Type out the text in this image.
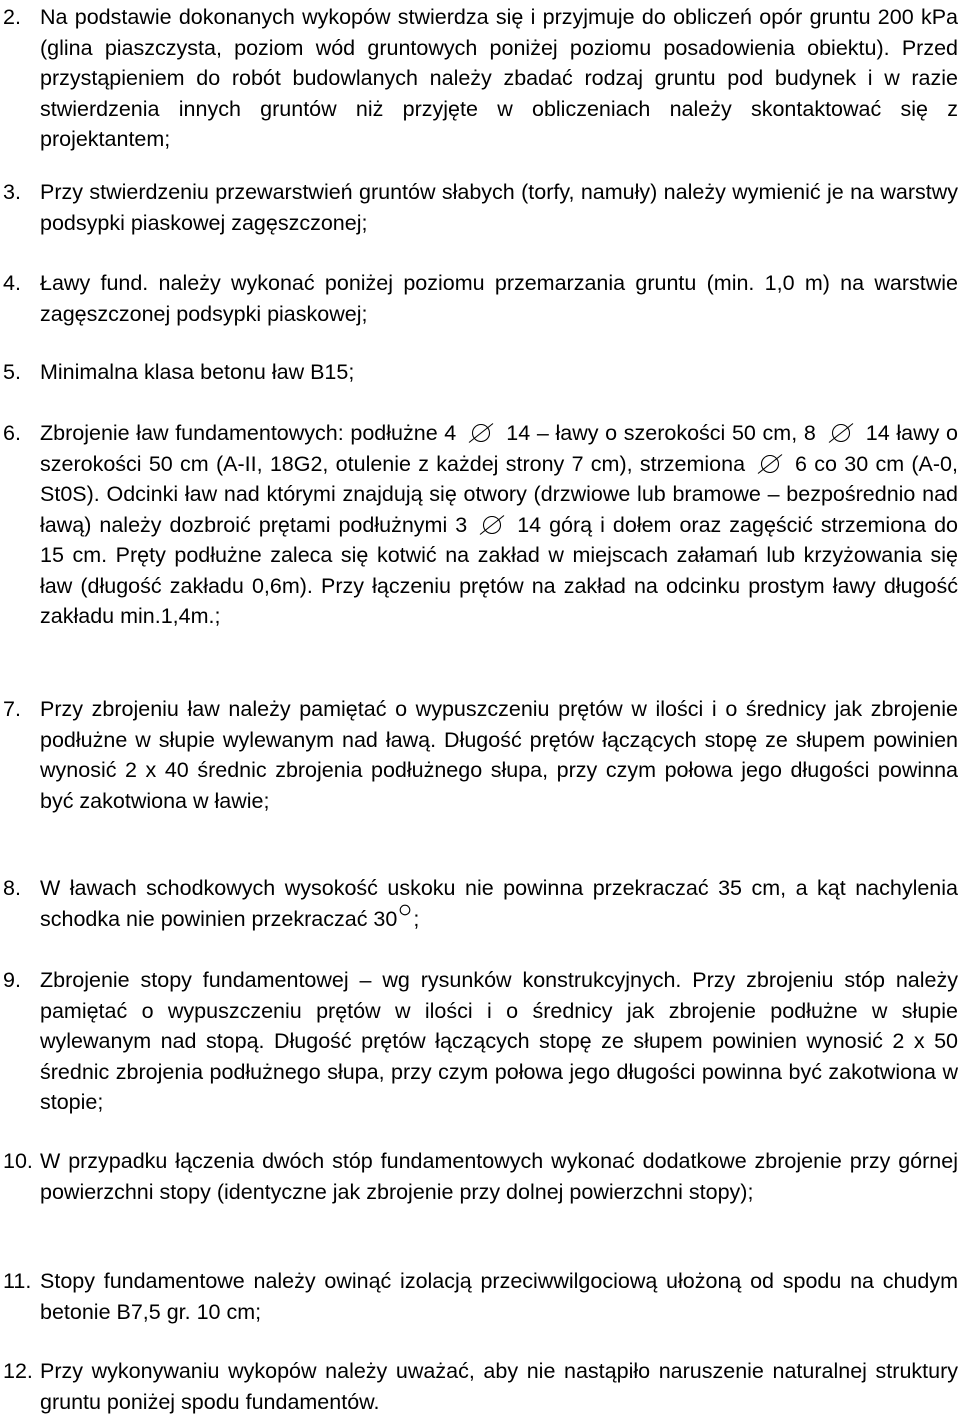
2. Na podstawie dokonanych wykopów stwierdza się i przyjmuje do obliczeń opór gruntu 200 kPa (glina piaszczysta, poziom wód gruntowych poniżej poziomu posadowienia obiektu). Przed przystąpieniem do robót budowlanych należy zbadać rodzaj gruntu pod budynek i w razie stwierdzenia innych gruntów niż przyjęte w obliczeniach należy skontaktować się z projektantem;
3. Przy stwierdzeniu przewarstwień gruntów słabych (torfy, namuły) należy wymienić je na warstwy podsypki piaskowej zagęszczonej;
4. Ławy fund. należy wykonać poniżej poziomu przemarzania gruntu (min. 1,0 m) na warstwie zagęszczonej podsypki piaskowej;
5. Minimalna klasa betonu ław B15;
6. Zbrojenie ław fundamentowych: podłużne 4 14 – ławy o szerokości 50 cm, 8 14 ławy o szerokości 50 cm (A-II, 18G2, otulenie z każdej strony 7 cm), strzemiona 6 co 30 cm (A-0, St0S). Odcinki ław nad którymi znajdują się otwory (drzwiowe lub bramowe – bezpośrednio nad ławą) należy dozbroić prętami podłużnymi 3 14 górą i dołem oraz zagęścić strzemiona do 15 cm. Pręty podłużne zaleca się kotwić na zakład w miejscach załamań lub krzyżowania się ław (długość zakładu 0,6m). Przy łączeniu prętów na zakład na odcinku prostym ławy długość zakładu min.1,4m.;
7. Przy zbrojeniu ław należy pamiętać o wypuszczeniu prętów w ilości i o średnicy jak zbrojenie podłużne w słupie wylewanym nad ławą. Długość prętów łączących stopę ze słupem powinien wynosić 2 x 40 średnic zbrojenia podłużnego słupa, przy czym połowa jego długości powinna być zakotwiona w ławie;
8. W ławach schodkowych wysokość uskoku nie powinna przekraczać 35 cm, a kąt nachylenia schodka nie powinien przekraczać 30 ;
9. Zbrojenie stopy fundamentowej – wg rysunków konstrukcyjnych. Przy zbrojeniu stóp należy pamiętać o wypuszczeniu prętów w ilości i o średnicy jak zbrojenie podłużne w słupie wylewanym nad stopą. Długość prętów łączących stopę ze słupem powinien wynosić 2 x 50 średnic zbrojenia podłużnego słupa, przy czym połowa jego długości powinna być zakotwiona w stopie;
10. W przypadku łączenia dwóch stóp fundamentowych wykonać dodatkowe zbrojenie przy górnej powierzchni stopy (identyczne jak zbrojenie przy dolnej powierzchni stopy);
11. Stopy fundamentowe należy owinąć izolacją przeciwwilgociową ułożoną od spodu na chudym betonie B7,5 gr. 10 cm;
12. Przy wykonywaniu wykopów należy uważać, aby nie nastąpiło naruszenie naturalnej struktury gruntu poniżej spodu fundamentów.
